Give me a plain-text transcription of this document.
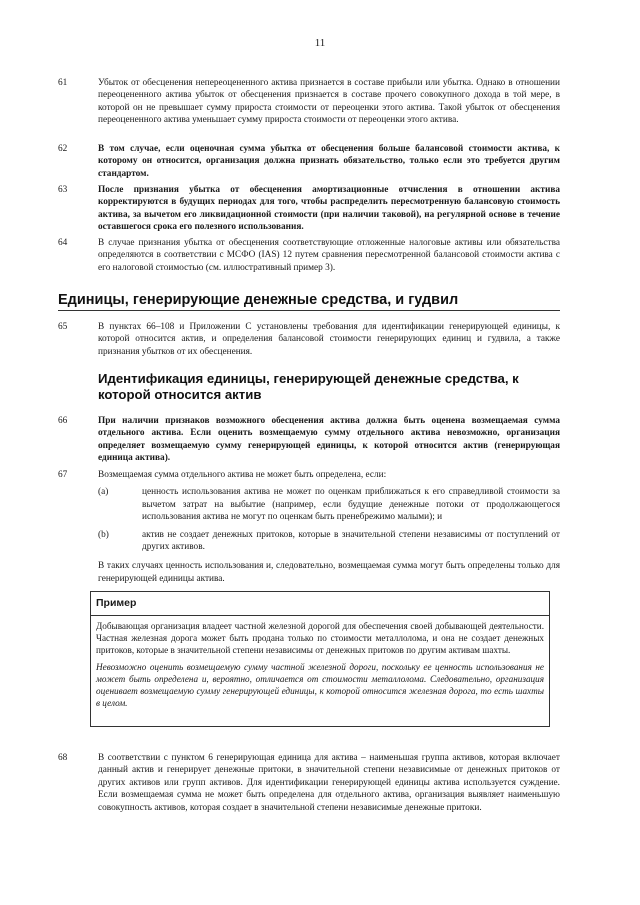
11
61	Убыток от обесценения непереоцененного актива признается в составе прибыли или убытка. Однако в отношении переоцененного актива убыток от обесценения признается в составе прочего совокупного дохода в той мере, в которой он не превышает сумму прироста стоимости от переоценки этого актива. Такой убыток от обесценения переоцененного актива уменьшает сумму прироста стоимости от переоценки этого актива.
62	В том случае, если оценочная сумма убытка от обесценения больше балансовой стоимости актива, к которому он относится, организация должна признать обязательство, только если это требуется другим стандартом.
63	После признания убытка от обесценения амортизационные отчисления в отношении актива корректируются в будущих периодах для того, чтобы распределить пересмотренную балансовую стоимость актива, за вычетом его ликвидационной стоимости (при наличии таковой), на регулярной основе в течение оставшегося срока его полезного использования.
64	В случае признания убытка от обесценения соответствующие отложенные налоговые активы или обязательства определяются в соответствии с МСФО (IAS) 12 путем сравнения пересмотренной балансовой стоимости актива с его налоговой стоимостью (см. иллюстративный пример 3).
Единицы, генерирующие денежные средства, и гудвил
65	В пунктах 66–108 и Приложении С установлены требования для идентификации генерирующей единицы, к которой относится актив, и определения балансовой стоимости генерирующих единиц и гудвила, а также признания убытков от их обесценения.
Идентификация единицы, генерирующей денежные средства, к которой относится актив
66	При наличии признаков возможного обесценения актива должна быть оценена возмещаемая сумма отдельного актива. Если оценить возмещаемую сумму отдельного актива невозможно, организация определяет возмещаемую сумму генерирующей единицы, к которой относится актив (генерирующая единица актива).
67	Возмещаемая сумма отдельного актива не может быть определена, если:
(a)	ценность использования актива не может по оценкам приближаться к его справедливой стоимости за вычетом затрат на выбытие (например, если будущие денежные потоки от продолжающегося использования актива не могут по оценкам быть пренебрежимо малыми); и
(b)	актив не создает денежных притоков, которые в значительной степени независимы от поступлений от других активов.
В таких случаях ценность использования и, следовательно, возмещаемая сумма могут быть определены только для генерирующей единицы актива.
Пример

Добывающая организация владеет частной железной дорогой для обеспечения своей добывающей деятельности. Частная железная дорога может быть продана только по стоимости металлолома, и она не создает денежных притоков, которые в значительной степени независимы от денежных притоков по другим активам шахты.

Невозможно оценить возмещаемую сумму частной железной дороги, поскольку ее ценность использования не может быть определена и, вероятно, отличается от стоимости металлолома. Следовательно, организация оценивает возмещаемую сумму генерирующей единицы, к которой относится железная дорога, то есть шахты в целом.

68	В соответствии с пунктом 6 генерирующая единица для актива – наименьшая группа активов, которая включает данный актив и генерирует денежные притоки, в значительной степени независимые от денежных притоков от других активов или групп активов. Для идентификации генерирующей единицы актива используется суждение. Если возмещаемая сумма не может быть определена для отдельного актива, организация выявляет наименьшую совокупность активов, которая создает в значительной степени независимые денежные притоки.
